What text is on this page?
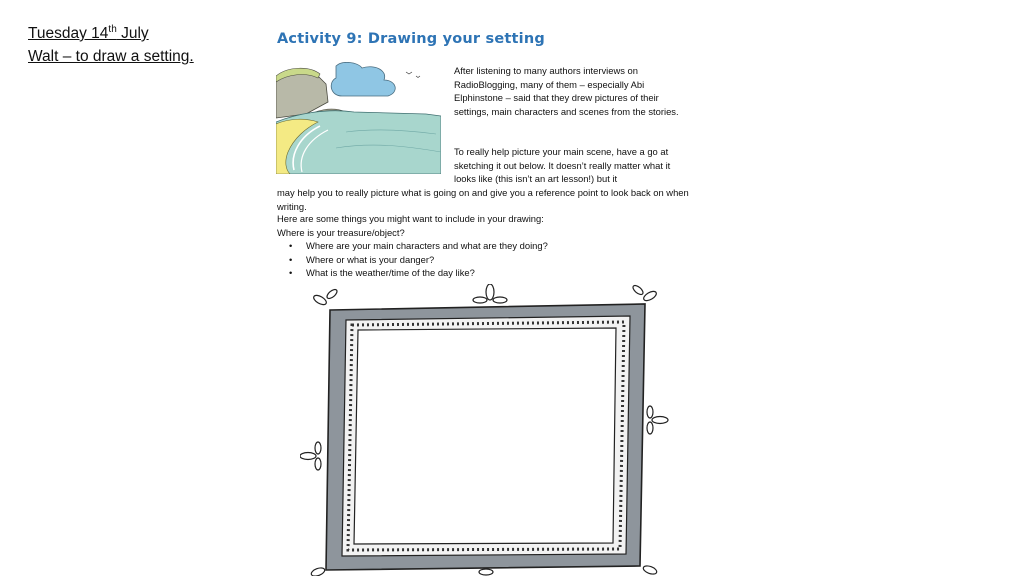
Tuesday 14th July
Walt – to draw a setting.
Activity 9: Drawing your setting

After listening to many authors interviews on RadioBlogging, many of them – especially Abi Elphinstone – said that they drew pictures of their settings, main characters and scenes from the stories.

To really help picture your main scene, have a go at sketching it out below. It doesn’t really matter what it looks like (this isn’t an art lesson!) but it

may help you to really picture what is going on and give you a reference point to look back on when writing.

Here are some things you might want to include in your drawing:

Where is your treasure/object?

• Where are your main characters and what are they doing?
• Where or what is your danger?
• What is the weather/time of the day like?
